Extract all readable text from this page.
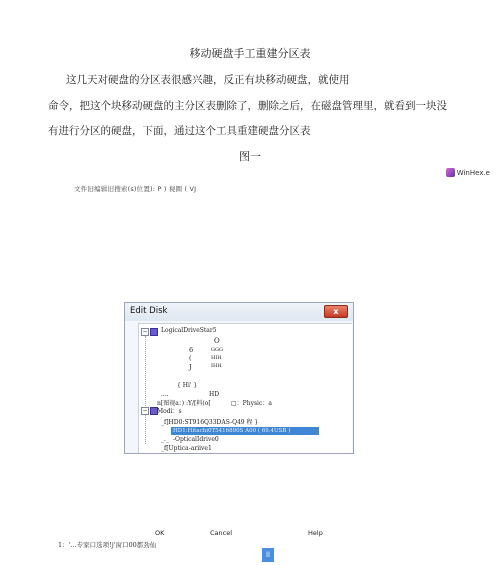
移动硬盘手工重建分区表
这几天对硬盘的分区表很感兴趣，反正有块移动硬盘，就使用
命令，把这个块移动硬盘的主分区表删除了，删除之后，在磁盘管理里，就看到一块没
有进行分区的硬盘，下面，通过这个工具重建硬盘分区表
图一
WinHex.e
文件旧编辑旧搜索(s)位置): P ) 视圈 ( VJ
Edit Disk	x
− LogicalDriveStar5
O
6
(
J
GGG
HIH
IHH
{ Hi' }
....	HD
n[图视a：) :Y/[料(o[	□：Physic：a
− Modi：s
_f]HD0:ST916Q33DAS-Q49 程 }
HD1:Hitachi0T5416890S A00 ( 69.4USB )
_._ -OpticalIdrive0
_f[Uptica-ariive1
OK	Cancel	Help
1：'...专家口选项!j'窗口00都劲仙
ll
